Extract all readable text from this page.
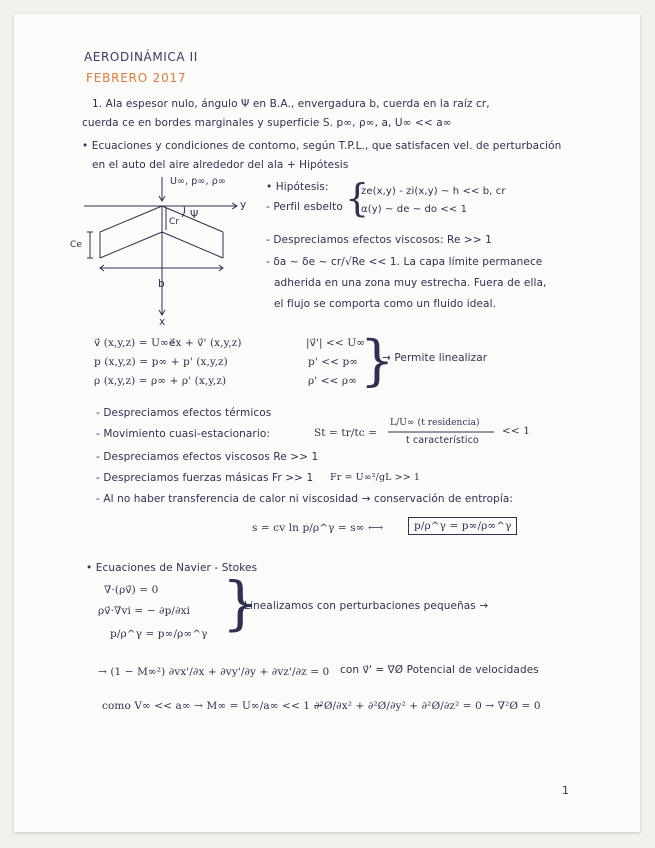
AERODINÁMICA II
FEBRERO 2017
1. Ala espesor nulo, ángulo Ψ en B.A., envergadura b, cuerda en la raíz cr,
cuerda ce en bordes marginales y superficie S. p∞, ρ∞, a, U∞ << a∞
• Ecuaciones y condiciones de contorno, según T.P.L., que satisfacen vel. de perturbación
en el auto del aire alrededor del ala + Hipótesis
U∞, p∞, ρ∞
y
x
Ψ
Cr
Ce
b
• Hipótesis:
- Perfil esbelto {
ze(x,y) - zi(x,y) ~ h << b, cr
α(y) ~ de ~ do << 1
- Despreciamos efectos viscosos: Re >> 1
- δa ~ δe ~ cr/√Re << 1. La capa límite permanece
adherida en una zona muy estrecha. Fuera de ella,
el flujo se comporta como un fluido ideal.
v⃗ (x,y,z) = U∞e⃗x + v⃗' (x,y,z)
p (x,y,z) = p∞ + p' (x,y,z)
ρ (x,y,z) = ρ∞ + ρ' (x,y,z)
|v⃗'| << U∞
p' << p∞
ρ' << ρ∞ }
→ Permite linealizar
- Despreciamos efectos térmicos
- Movimiento cuasi-estacionario:	St = tr/tc =
L/U∞ (t residencia)
t característico
<< 1
- Despreciamos efectos viscosos Re >> 1
- Despreciamos fuerzas másicas Fr >> 1 Fr = U∞²/gL >> 1
- Al no haber transferencia de calor ni viscosidad → conservación de entropía:
s = cv ln p/ρ^γ = s∞ ⟷	p/ρ^γ = p∞/ρ∞^γ
• Ecuaciones de Navier - Stokes
∇·(ρv⃗) = 0
ρv⃗·∇vi = − ∂p/∂xi
p/ρ^γ = p∞/ρ∞^γ }
Linealizamos con perturbaciones pequeñas →
→ (1 − M∞²) ∂vx'/∂x + ∂vy'/∂y + ∂vz'/∂z = 0 con v⃗' = ∇Ø Potencial de velocidades
como V∞ << a∞ → M∞ = U∞/a∞ << 1 →
∂²Ø/∂x² + ∂²Ø/∂y² + ∂²Ø/∂z² = 0 → ∇²Ø = 0
1
